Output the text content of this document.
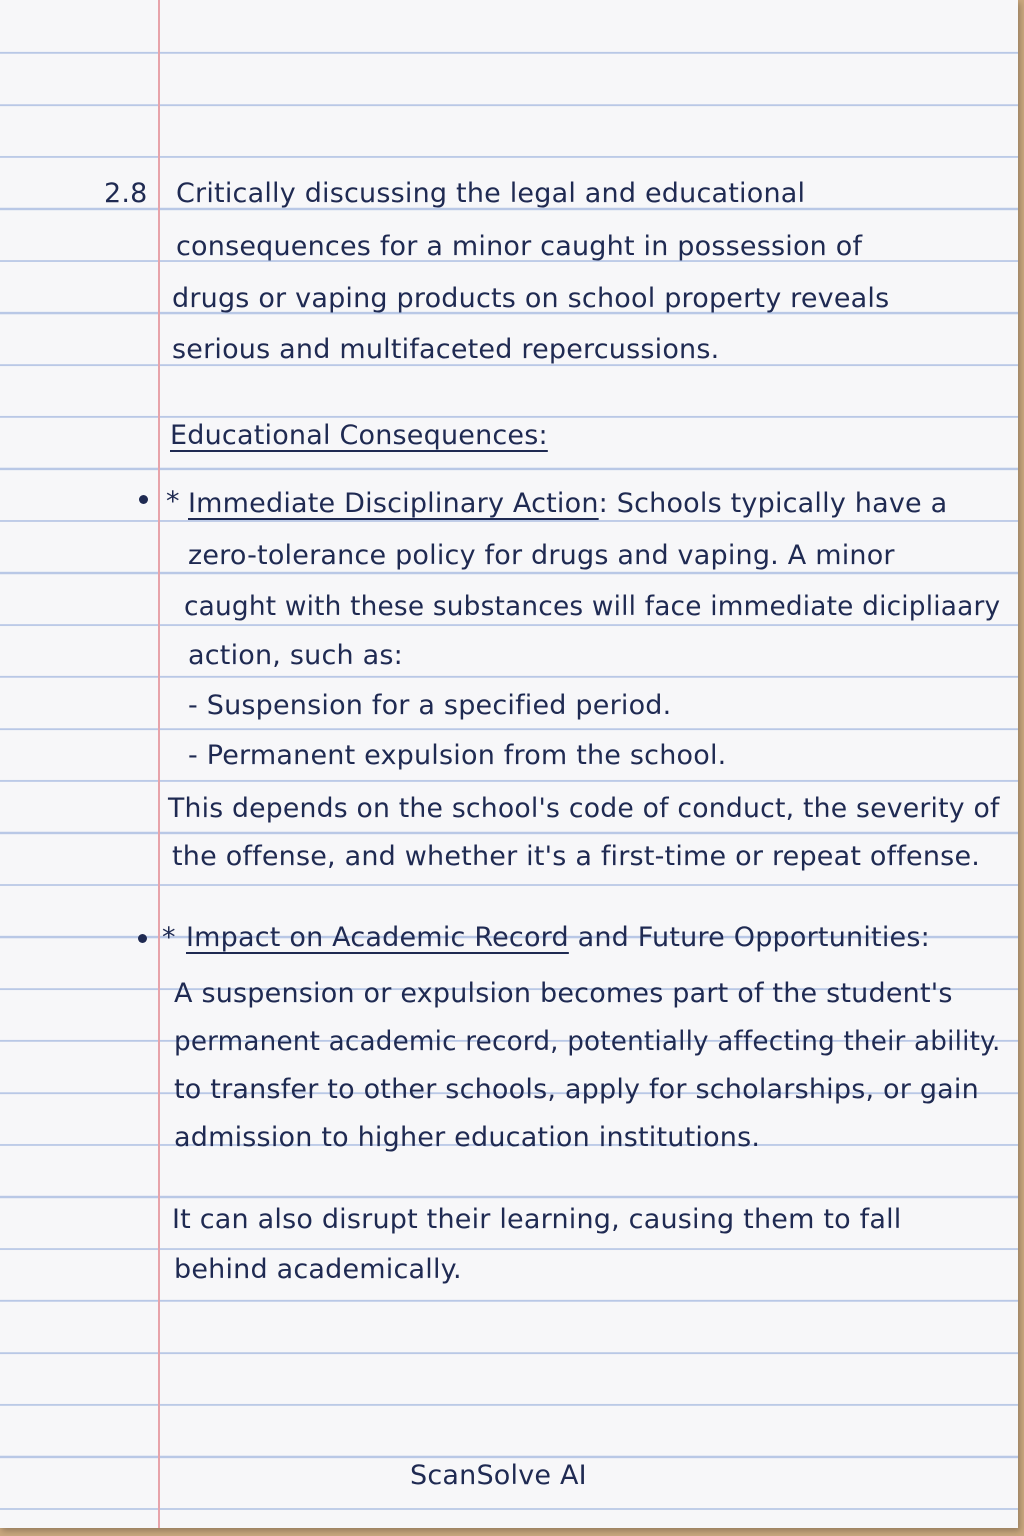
2.8 Critically discussing the legal and educational
consequences for a minor caught in possession of
drugs or vaping products on school property reveals
serious and multifaceted repercussions.
Educational Consequences:
* Immediate Disciplinary Action: Schools typically have a
zero-tolerance policy for drugs and vaping. A minor
caught with these substances will face immediate dicipliaary
action, such as:
- Suspension for a specified period.
- Permanent expulsion from the school.
This depends on the school's code of conduct, the severity of
the offense, and whether it's a first-time or repeat offense.
* Impact on Academic Record and Future Opportunities:
A suspension or expulsion becomes part of the student's
permanent academic record, potentially affecting their ability.
to transfer to other schools, apply for scholarships, or gain
admission to higher education institutions.
It can also disrupt their learning, causing them to fall
behind academically.
ScanSolve AI
